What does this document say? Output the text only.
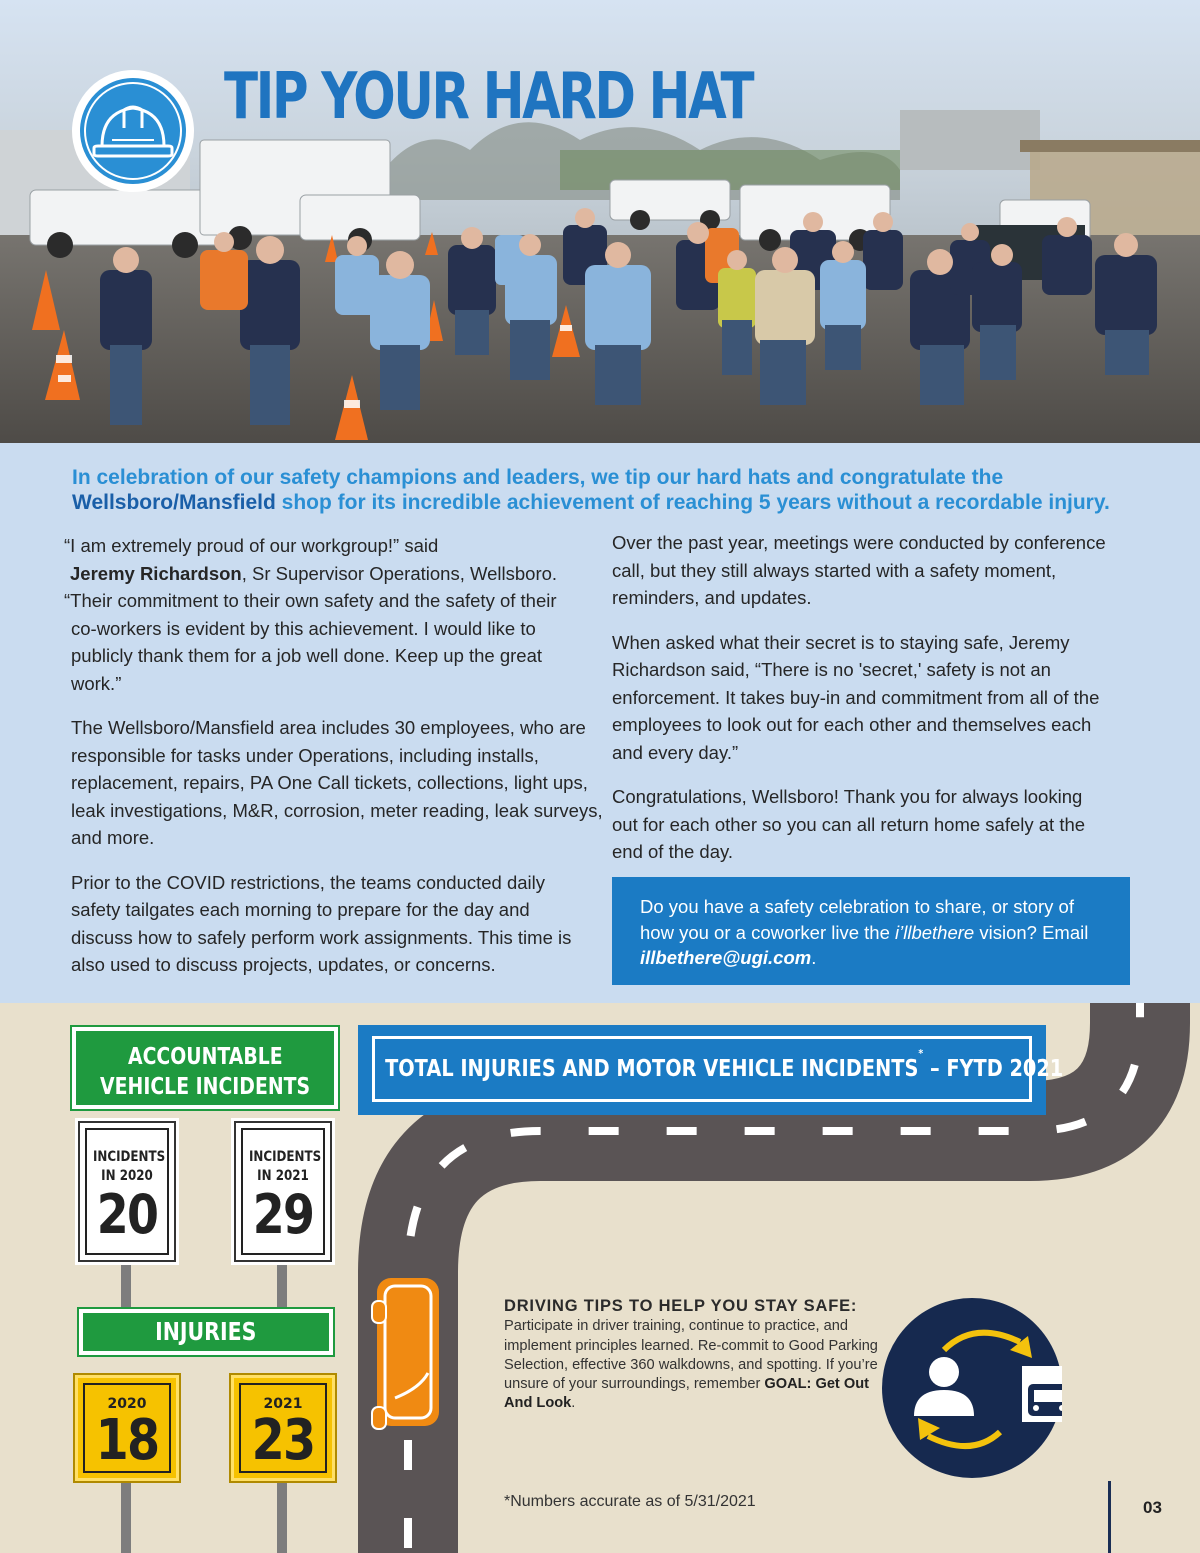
TIP YOUR HARD HAT
In celebration of our safety champions and leaders, we tip our hard hats and congratulate the
Wellsboro/Mansfield shop for its incredible achievement of reaching 5 years without a recordable injury.

“I am extremely proud of our workgroup!” said
Jeremy Richardson, Sr Supervisor Operations, Wellsboro.

“Their commitment to their own safety and the safety of their co-workers is evident by this achievement. I would like to publicly thank them for a job well done. Keep up the great work.”

The Wellsboro/Mansfield area includes 30 employees, who are responsible for tasks under Operations, including installs, replacement, repairs, PA One Call tickets, collections, light ups, leak investigations, M&R, corrosion, meter reading, leak surveys, and more.

Prior to the COVID restrictions, the teams conducted daily safety tailgates each morning to prepare for the day and discuss how to safely perform work assignments. This time is also used to discuss projects, updates, or concerns.

Over the past year, meetings were conducted by conference call, but they still always started with a safety moment, reminders, and updates.

When asked what their secret is to staying safe, Jeremy Richardson said, “There is no 'secret,' safety is not an enforcement. It takes buy-in and commitment from all of the employees to look out for each other and themselves each and every day.”

Congratulations, Wellsboro! Thank you for always looking out for each other so you can all return home safely at the end of the day.

Do you have a safety celebration to share, or story of how you or a coworker live the i’llbethere vision? Email illbethere@ugi.com.
ACCOUNTABLE
VEHICLE INCIDENTS
TOTAL INJURIES AND MOTOR VEHICLE INCIDENTS* – FYTD 2021
INCIDENTS
IN 2020
20
INCIDENTS
IN 2021
29
INJURIES
2020
18
2021
23
DRIVING TIPS TO HELP YOU STAY SAFE:
Participate in driver training, continue to practice, and implement principles learned. Re-commit to Good Parking Selection, effective 360 walkdowns, and spotting. If you’re unsure of your surroundings, remember GOAL: Get Out And Look.
*Numbers accurate as of 5/31/2021	03
